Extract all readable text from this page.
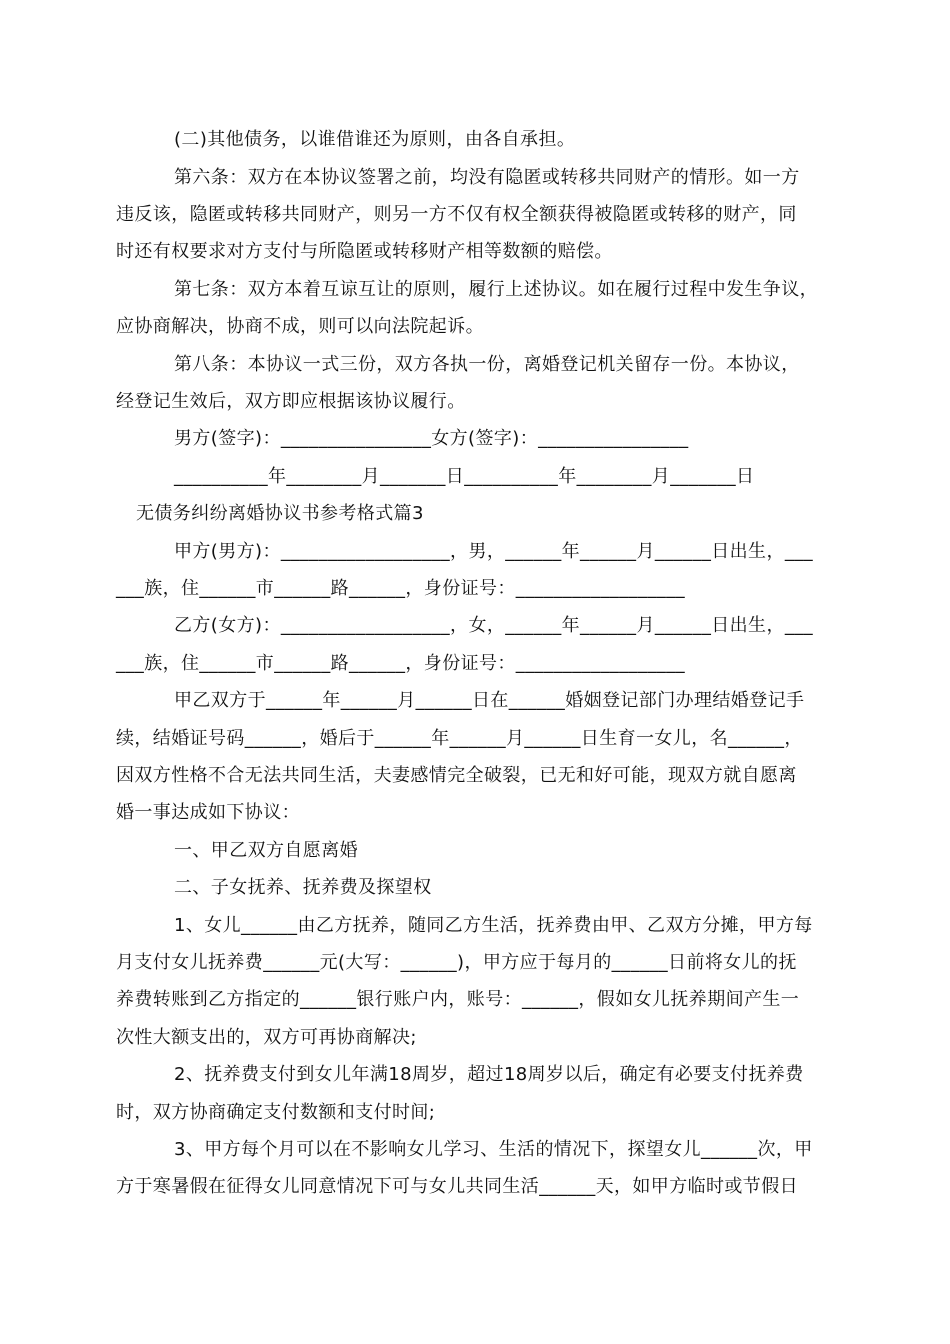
(二)其他债务，以谁借谁还为原则，由各自承担。
第六条：双方在本协议签署之前，均没有隐匿或转移共同财产的情形。如一方
违反该，隐匿或转移共同财产，则另一方不仅有权全额获得被隐匿或转移的财产，同
时还有权要求对方支付与所隐匿或转移财产相等数额的赔偿。
第七条：双方本着互谅互让的原则，履行上述协议。如在履行过程中发生争议，
应协商解决，协商不成，则可以向法院起诉。
第八条：本协议一式三份，双方各执一份，离婚登记机关留存一份。本协议，
经登记生效后，双方即应根据该协议履行。
男方(签字)：________________女方(签字)：________________
__________年________月_______日__________年________月_______日
无债务纠纷离婚协议书参考格式篇3
甲方(男方)：__________________，男，______年______月______日出生，___
___族，住______市______路______，身份证号：__________________
乙方(女方)：__________________，女，______年______月______日出生，___
___族，住______市______路______，身份证号：__________________
甲乙双方于______年______月______日在______婚姻登记部门办理结婚登记手
续，结婚证号码______，婚后于______年______月______日生育一女儿，名______，
因双方性格不合无法共同生活，夫妻感情完全破裂，已无和好可能，现双方就自愿离
婚一事达成如下协议：
一、甲乙双方自愿离婚
二、子女抚养、抚养费及探望权
1、女儿______由乙方抚养，随同乙方生活，抚养费由甲、乙双方分摊，甲方每
月支付女儿抚养费______元(大写：______)，甲方应于每月的______日前将女儿的抚
养费转账到乙方指定的______银行账户内，账号：______，假如女儿抚养期间产生一
次性大额支出的，双方可再协商解决;
2、抚养费支付到女儿年满18周岁，超过18周岁以后，确定有必要支付抚养费
时，双方协商确定支付数额和支付时间;
3、甲方每个月可以在不影响女儿学习、生活的情况下，探望女儿______次，甲
方于寒暑假在征得女儿同意情况下可与女儿共同生活______天，如甲方临时或节假日
